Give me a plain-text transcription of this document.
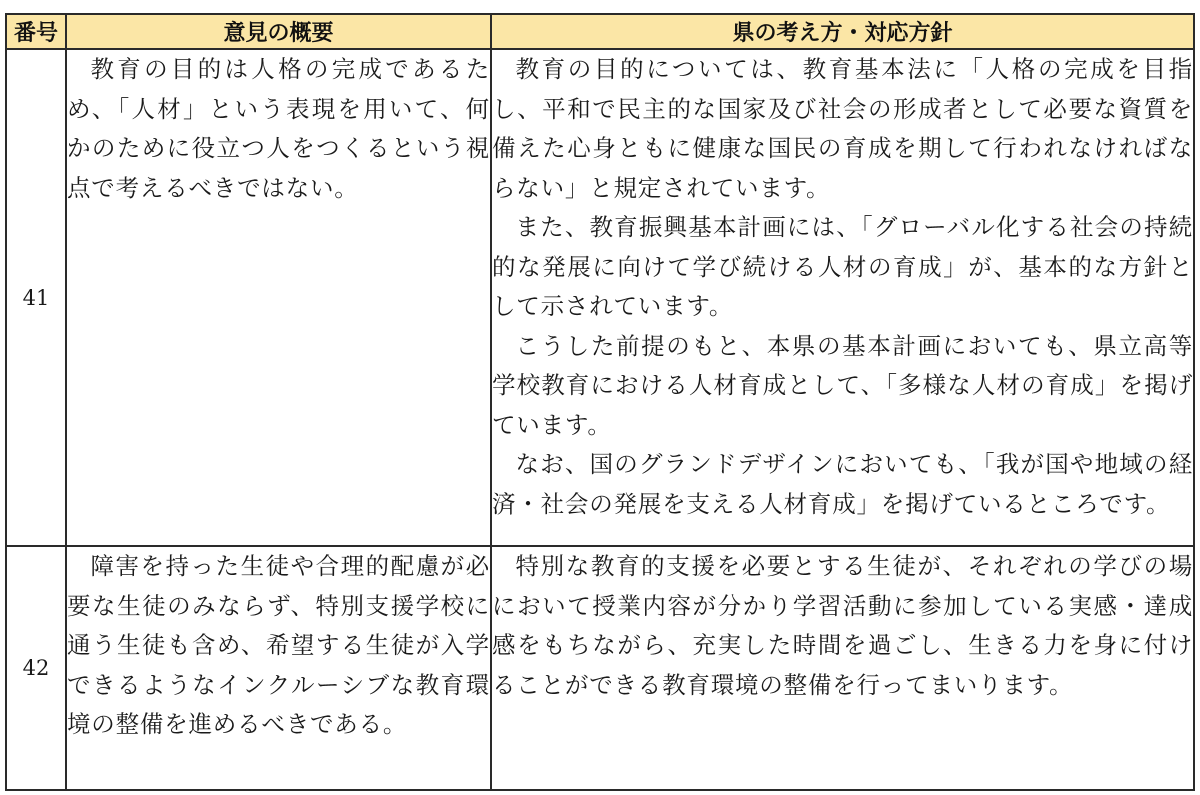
番号	意見の概要	県の考え方・対応方針
41	教育の目的は人格の完成であるため、「人材」という表現を用いて、何かのために役立つ人をつくるという視点で考えるべきではない。	教育の目的については、教育基本法に「人格の完成を目指し、平和で民主的な国家及び社会の形成者として必要な資質を備えた心身ともに健康な国民の育成を期して行われなければならない」と規定されています。

また、教育振興基本計画には、「グローバル化する社会の持続的な発展に向けて学び続ける人材の育成」が、基本的な方針として示されています。

こうした前提のもと、本県の基本計画においても、県立高等学校教育における人材育成として、「多様な人材の育成」を掲げています。

なお、国のグランドデザインにおいても、「我が国や地域の経済・社会の発展を支える人材育成」を掲げているところです。

42	障害を持った生徒や合理的配慮が必要な生徒のみならず、特別支援学校に通う生徒も含め、希望する生徒が入学できるようなインクルーシブな教育環境の整備を進めるべきである。	特別な教育的支援を必要とする生徒が、それぞれの学びの場において授業内容が分かり学習活動に参加している実感・達成感をもちながら、充実した時間を過ごし、生きる力を身に付けることができる教育環境の整備を行ってまいります。
